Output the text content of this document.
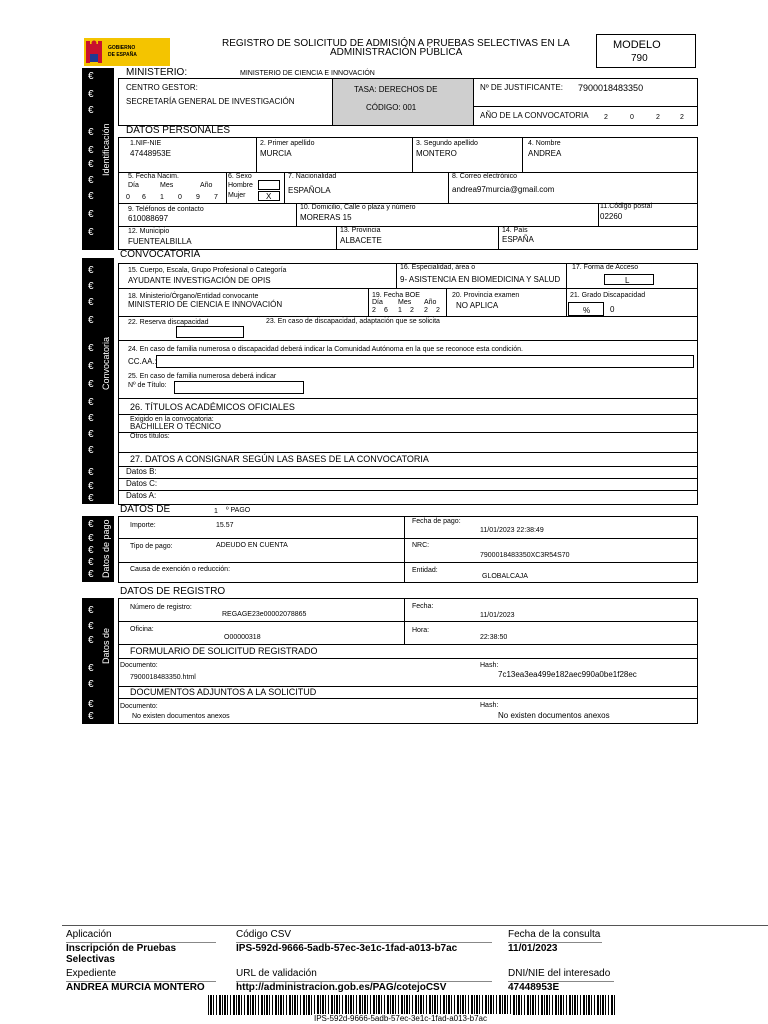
GOBIERNO
DE ESPAÑA
REGISTRO DE SOLICITUD DE ADMISIÓN A PRUEBAS SELECTIVAS EN LA
ADMINISTRACIÓN PÚBLICA
MODELO
790
Identificación
Convocatoria
Datos de pago
Datos de
€
€
€
€
€
€
€
€
€
€
€
€
€
€
€
€
€
€
€
€
€
€
€
€
€
€
€
€
€
€
€
€
€
€
€
€
MINISTERIO:	MINISTERIO DE CIENCIA E INNOVACIÓN
CENTRO GESTOR:
SECRETARÍA GENERAL DE INVESTIGACIÓN
TASA: DERECHOS DE
CÓDIGO: 001
Nº DE JUSTIFICANTE: 7900018483350
AÑO DE LA CONVOCATORIA 2	0	2	2
DATOS PERSONALES
1.NIF-NIE
47448953E
2. Primer apellido
MURCIA
3. Segundo apellido
MONTERO
4. Nombre
ANDREA
5. Fecha Nacim.
Día	Mes	Año
0 6 1 0 9 7
6. Sexo
Hombre
Mujer	X
7. Nacionalidad
ESPAÑOLA
8. Correo electrónico
andrea97murcia@gmail.com
9. Teléfonos de contacto
610088697
10. Domicilio, Calle o plaza y número
MORERAS 15
11.Código postal
02260
12. Municipio
FUENTEALBILLA
13. Provincia
ALBACETE
14. País
ESPAÑA
CONVOCATORIA
15. Cuerpo, Escala, Grupo Profesional o Categoría
AYUDANTE INVESTIGACIÓN DE OPIS
16. Especialidad, área o
9- ASISTENCIA EN BIOMEDICINA Y SALUD
17. Forma de Acceso
L
18. Ministerio/Órgano/Entidad convocante
MINISTERIO DE CIENCIA E INNOVACIÓN
19. Fecha BOE
Día Mes Año
2 6 1 2 2 2
20. Provincia examen
NO APLICA
21. Grado Discapacidad
% 0
22. Reserva discapacidad	23. En caso de discapacidad, adaptación que se solicita
24. En caso de familia numerosa o discapacidad deberá indicar la Comunidad Autónoma en la que se reconoce esta condición.
CC.AA.:
25. En caso de familia numerosa deberá indicar
Nº de Título:
26. TÍTULOS ACADÉMICOS OFICIALES
Exigido en la convocatoria:
BACHILLER O TÉCNICO
Otros títulos:
27. DATOS A CONSIGNAR SEGÚN LAS BASES DE LA CONVOCATORIA
Datos B:
Datos C:
Datos A:
DATOS DE	1 º PAGO
Importe:	15.57
Fecha de pago:
11/01/2023 22:38:49
Tipo de pago:	ADEUDO EN CUENTA	NRC:
7900018483350XC3R54S70
Causa de exención o reducción:	Entidad:
GLOBALCAJA
DATOS DE REGISTRO
Número de registro:
REGAGE23e00002078865
Fecha:
11/01/2023
Oficina:
O00000318
Hora:
22:38:50
FORMULARIO DE SOLICITUD REGISTRADO
Documento:
7900018483350.html
Hash:
7c13ea3ea499e182aec990a0be1f28ec
DOCUMENTOS ADJUNTOS A LA SOLICITUD
Documento:
No existen documentos anexos
Hash:
No existen documentos anexos
Aplicación
Inscripción de Pruebas
Selectivas
Código CSV
IPS-592d-9666-5adb-57ec-3e1c-1fad-a013-b7ac
Fecha de la consulta
11/01/2023
Expediente
ANDREA MURCIA MONTERO
URL de validación
http://administracion.gob.es/PAG/cotejoCSV
DNI/NIE del interesado
47448953E
IPS-592d-9666-5adb-57ec-3e1c-1fad-a013-b7ac
